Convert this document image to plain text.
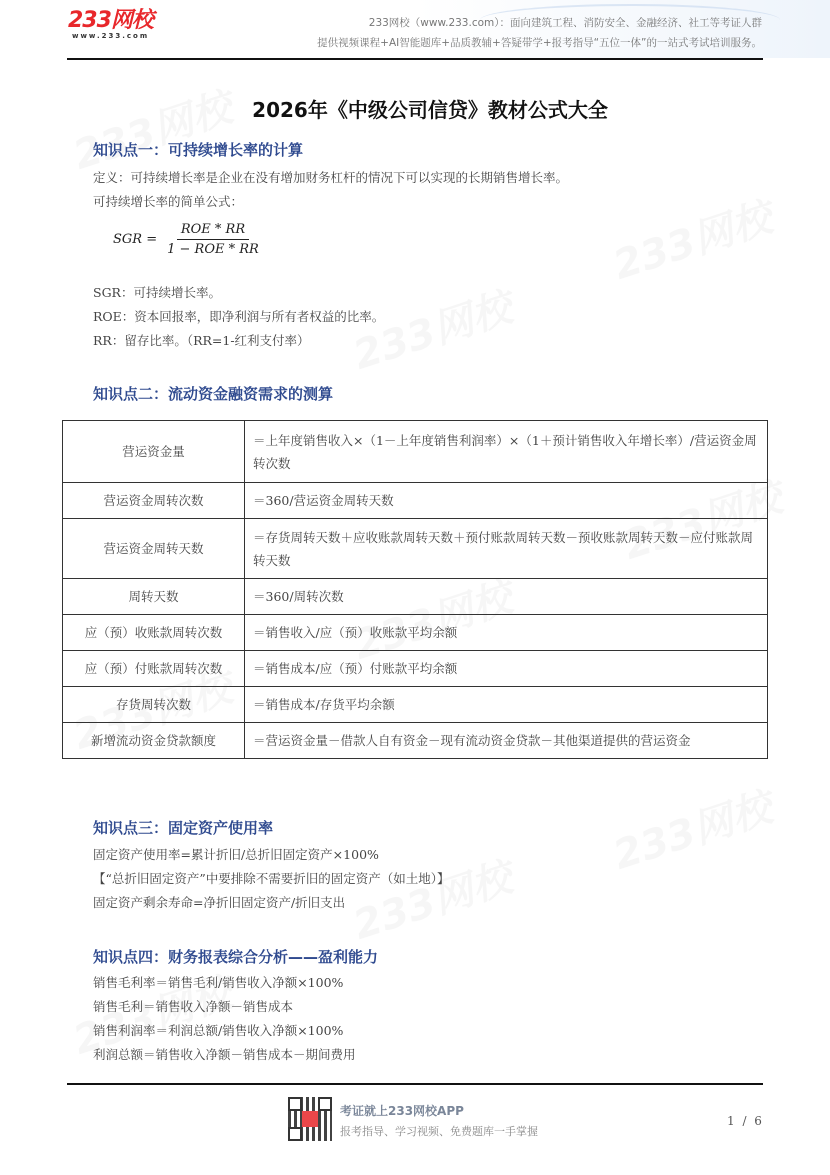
233网校
www.233.com
233网校（www.233.com）：面向建筑工程、消防安全、金融经济、社工等考证人群
提供视频课程+AI智能题库+品质教辅+答疑带学+报考指导“五位一体”的一站式考试培训服务。
2026年《中级公司信贷》教材公式大全
知识点一：可持续增长率的计算
定义：可持续增长率是企业在没有增加财务杠杆的情况下可以实现的长期销售增长率。
可持续增长率的简单公式：
SGR = $\frac{\text{ROE * RR}}{\text{1 − ROE * RR}}$
SGR：可持续增长率。
ROE：资本回报率，即净利润与所有者权益的比率。
RR：留存比率。（RR=1-红利支付率）
知识点二：流动资金融资需求的测算
营运资金量	＝上年度销售收入×（1－上年度销售利润率）×（1＋预计销售收入年增长率）/营运资金周转次数
营运资金周转次数	＝360/营运资金周转天数
营运资金周转天数	＝存货周转天数＋应收账款周转天数＋预付账款周转天数－预收账款周转天数－应付账款周转天数
周转天数	＝360/周转次数
应（预）收账款周转次数	＝销售收入/应（预）收账款平均余额
应（预）付账款周转次数	＝销售成本/应（预）付账款平均余额
存货周转次数	＝销售成本/存货平均余额
新增流动资金贷款额度	＝营运资金量－借款人自有资金－现有流动资金贷款－其他渠道提供的营运资金
知识点三：固定资产使用率
固定资产使用率=累计折旧/总折旧固定资产×100%
【“总折旧固定资产”中要排除不需要折旧的固定资产（如土地）】
固定资产剩余寿命=净折旧固定资产/折旧支出
知识点四：财务报表综合分析——盈利能力
销售毛利率＝销售毛利/销售收入净额×100%
销售毛利＝销售收入净额－销售成本
销售利润率＝利润总额/销售收入净额×100%
利润总额＝销售收入净额－销售成本－期间费用
考证就上233网校APP
报考指导、学习视频、免费题库一手掌握
1 / 6
